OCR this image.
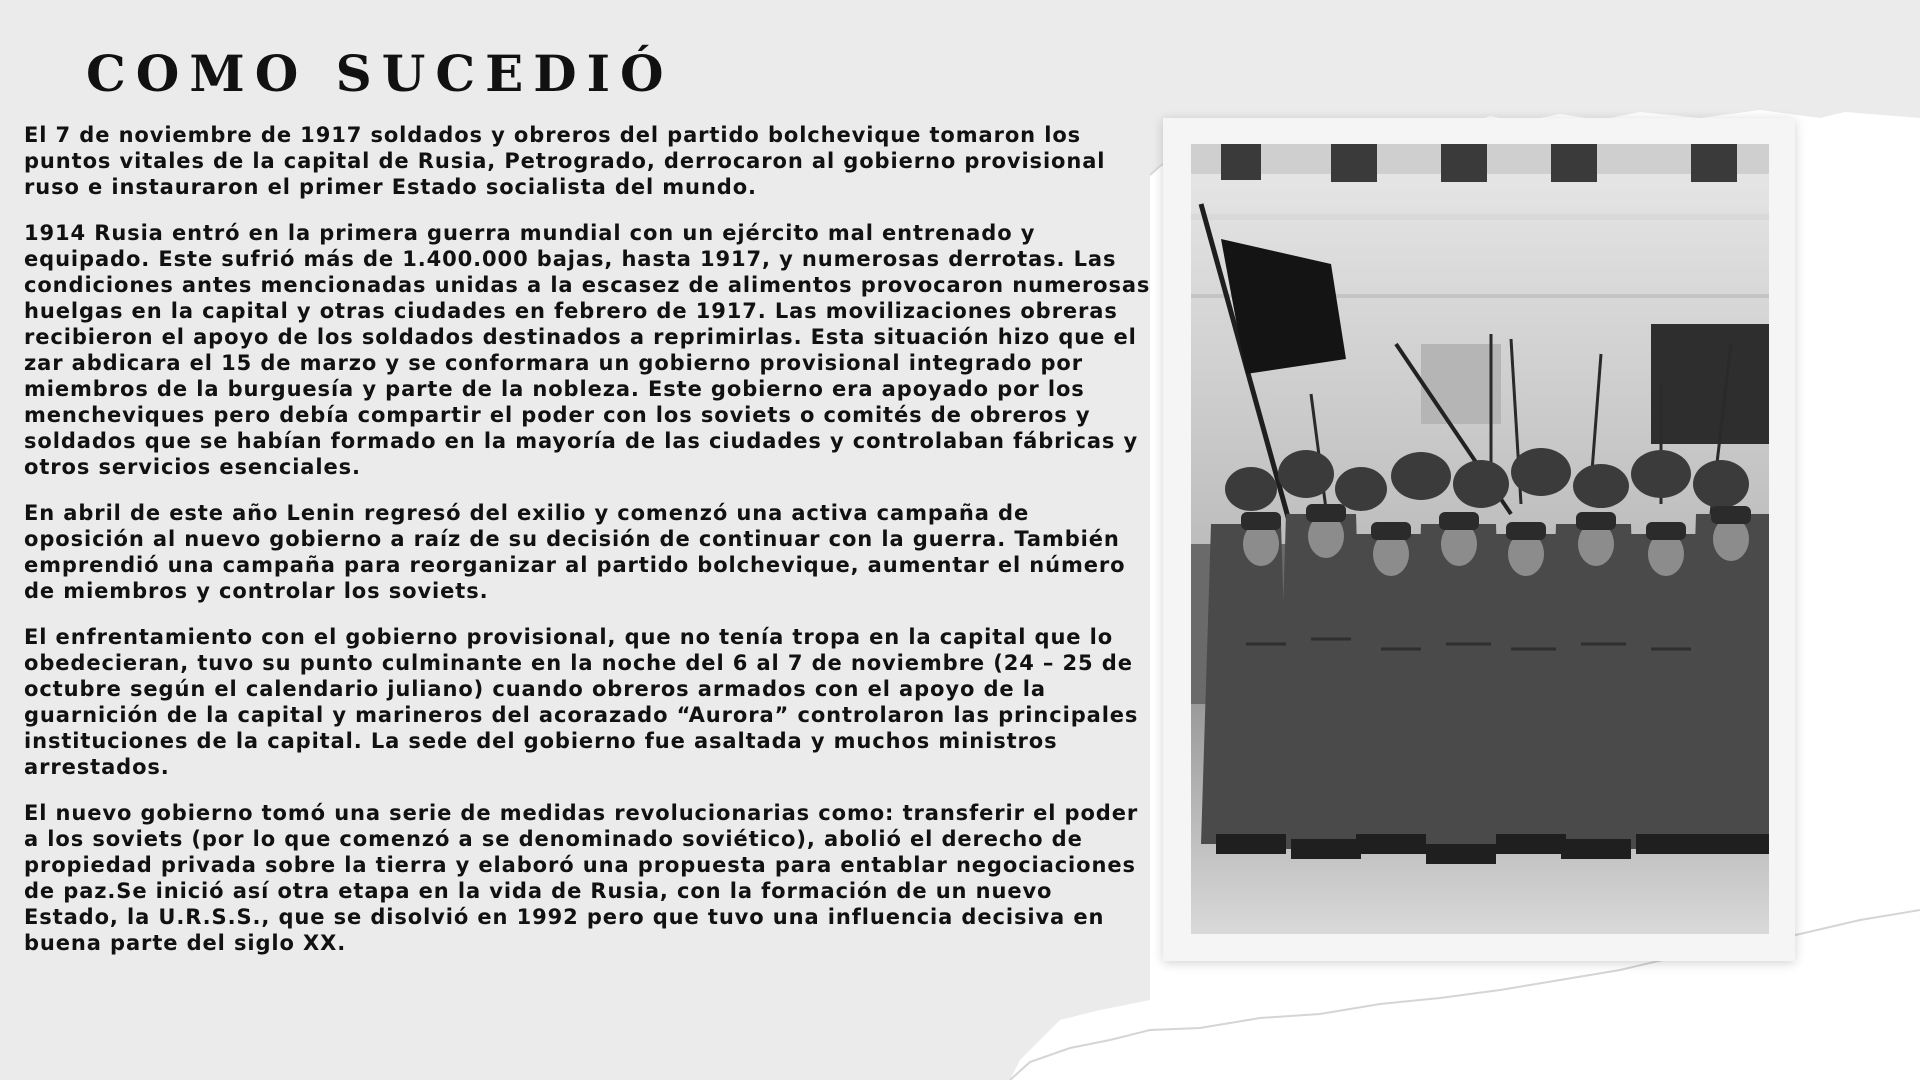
COMO SUCEDIÓ

El 7 de noviembre de 1917 soldados y obreros del partido bolchevique tomaron los puntos vitales de la capital de Rusia, Petrogrado, derrocaron al gobierno provisional ruso e instauraron el primer Estado socialista del mundo.

1914 Rusia entró en la primera guerra mundial con un ejército mal entrenado y equipado. Este sufrió más de 1.400.000 bajas, hasta 1917, y numerosas derrotas. Las condiciones antes mencionadas unidas a la escasez de alimentos provocaron numerosas huelgas en la capital y otras ciudades en febrero de 1917. Las movilizaciones obreras recibieron el apoyo de los soldados destinados a reprimirlas. Esta situación hizo que el zar abdicara el 15 de marzo y se conformara un gobierno provisional integrado por miembros de la burguesía y parte de la nobleza. Este gobierno era apoyado por los mencheviques pero debía compartir el poder con los soviets o comités de obreros y soldados que se habían formado en la mayoría de las ciudades y controlaban fábricas y otros servicios esenciales.

En abril de este año Lenin regresó del exilio y comenzó una activa campaña de oposición al nuevo gobierno a raíz de su decisión de continuar con la guerra. También emprendió una campaña para reorganizar al partido bolchevique, aumentar el número de miembros y controlar los soviets.

El enfrentamiento con el gobierno provisional, que no tenía tropa en la capital que lo obedecieran, tuvo su punto culminante en la noche del 6 al 7 de noviembre (24 – 25 de octubre según el calendario juliano) cuando obreros armados con el apoyo de la guarnición de la capital y marineros del acorazado “Aurora” controlaron las principales instituciones de la capital. La sede del gobierno fue asaltada y muchos ministros arrestados.

El nuevo gobierno tomó una serie de medidas revolucionarias como: transferir el poder a los soviets (por lo que comenzó a se denominado soviético), abolió el derecho de propiedad privada sobre la tierra y elaboró una propuesta para entablar negociaciones de paz.Se inició así otra etapa en la vida de Rusia, con la formación de un nuevo Estado, la U.R.S.S., que se disolvió en 1992 pero que tuvo una influencia decisiva en buena parte del siglo XX.
